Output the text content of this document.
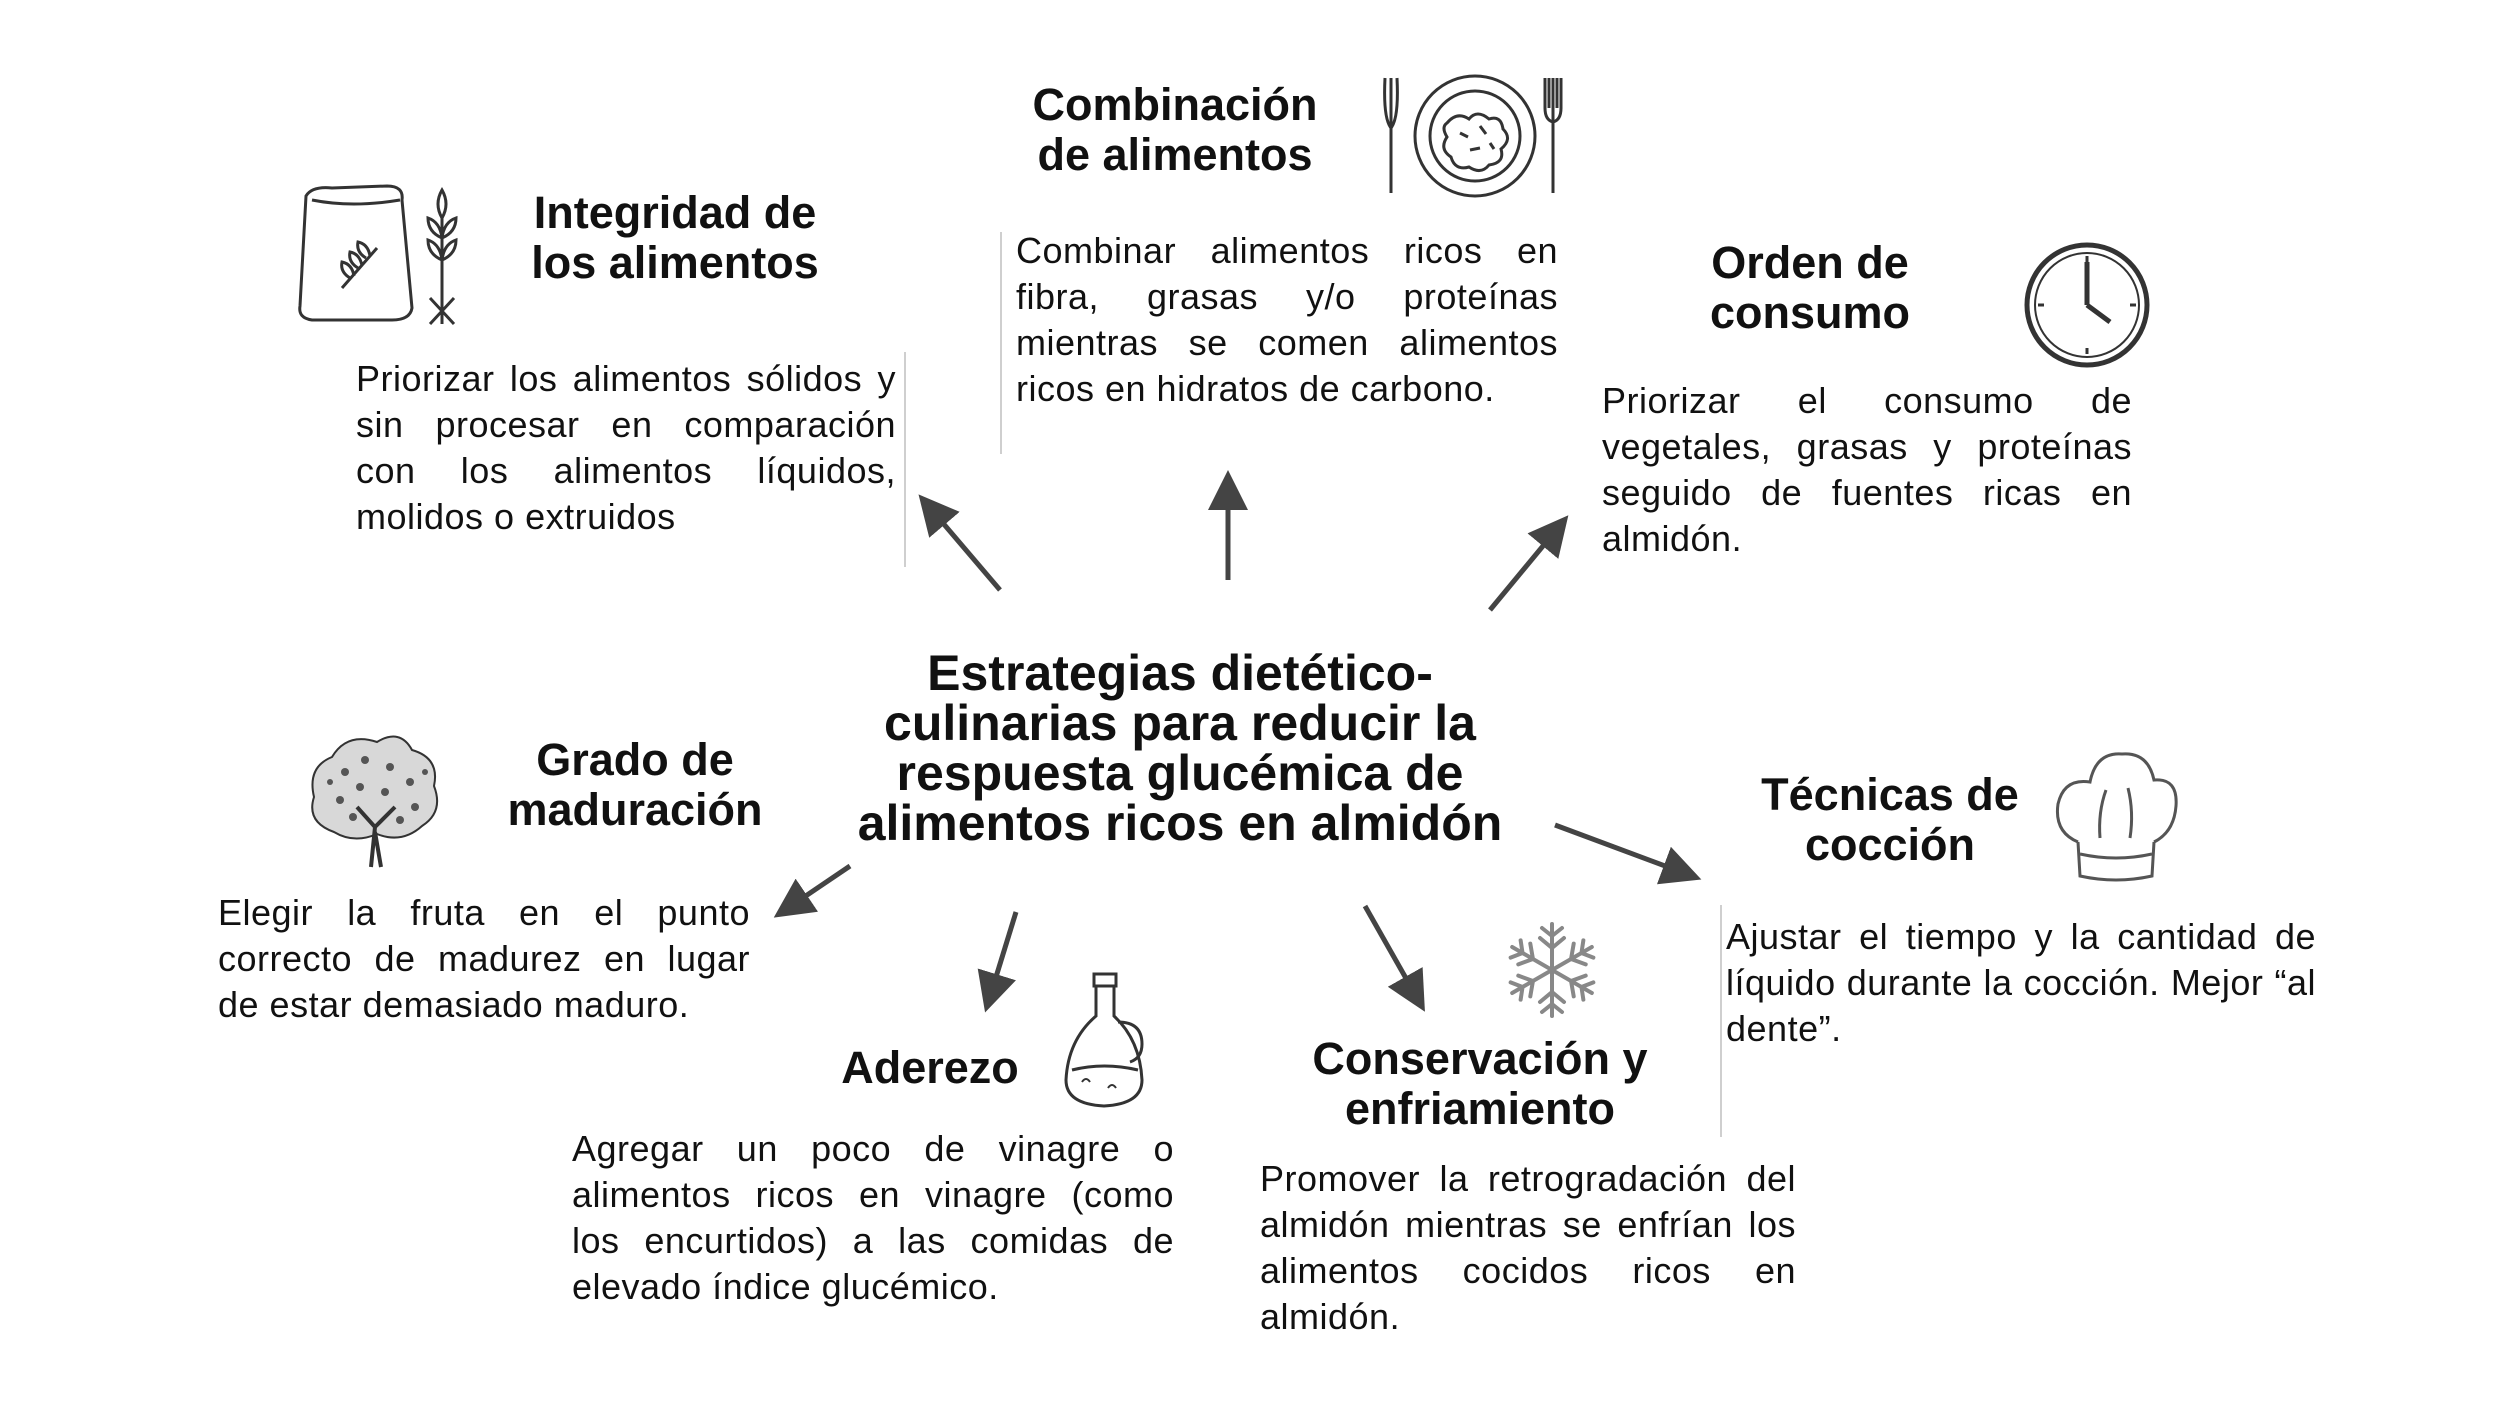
Estrategias dietético-
culinarias para reducir la
respuesta glucémica de
alimentos ricos en almidón
Integridad de
los alimentos
Priorizar los alimentos sólidos y sin procesar en comparación con los alimentos líquidos, molidos o extruidos
Combinación
de alimentos
Combinar alimentos ricos en fibra, grasas y/o proteínas mientras se comen alimentos ricos en hidratos de carbono.
Orden de
consumo
Priorizar el consumo de vegetales, grasas y proteínas seguido de fuentes ricas en almidón.
Grado de
maduración
Elegir la fruta en el punto correcto de madurez en lugar de estar demasiado maduro.
Técnicas de
cocción
Ajustar el tiempo y la cantidad de líquido durante la cocción. Mejor “al dente”.
Aderezo
Agregar un poco de vinagre o alimentos ricos en vinagre (como los encurtidos) a las comidas de elevado índice glucémico.
Conservación y
enfriamiento
Promover la retrogradación del almidón mientras se enfrían los alimentos cocidos ricos en almidón.
